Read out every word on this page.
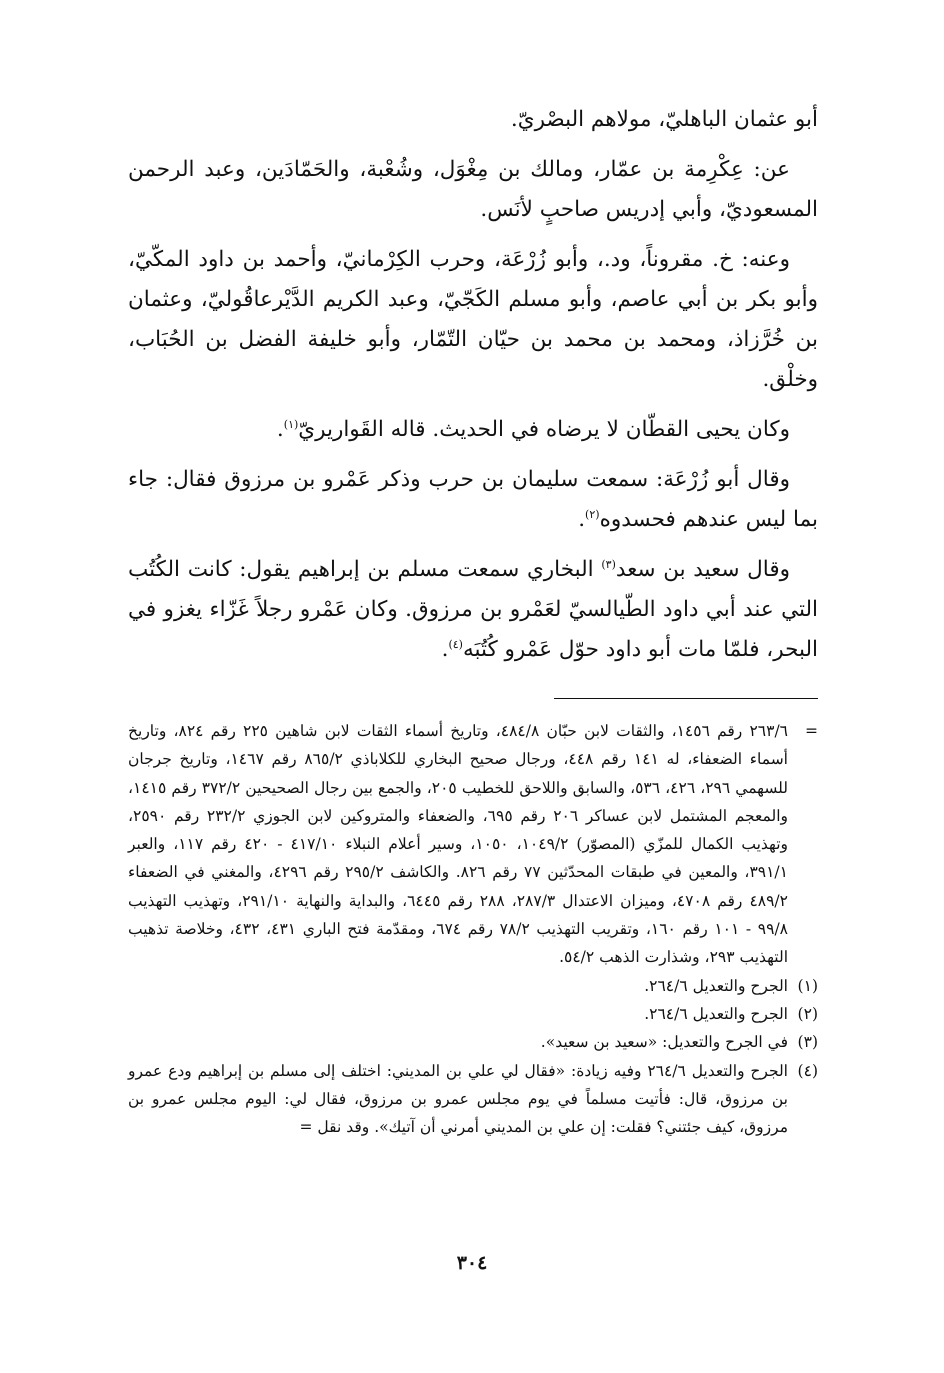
أبو عثمان الباهليّ، مولاهم البصْريّ.

عن: عِكْرِمة بن عمّار، ومالك بن مِغْوَل، وشُعْبة، والحَمّادَين، وعبد الرحمن المسعوديّ، وأبي إدريس صاحبٍ لأنَس.

وعنه: خ. مقروناً، ود.، وأبو زُرْعَة، وحرب الكِرْمانيّ، وأحمد بن داود المكّيّ، وأبو بكر بن أبي عاصم، وأبو مسلم الكَجّيّ، وعبد الكريم الدَّيْرعاقُوليّ، وعثمان بن خُرَّزاذ، ومحمد بن محمد بن حيّان التّمّار، وأبو خليفة الفضل بن الحُبَاب، وخلْق.

وكان يحيى القطّان لا يرضاه في الحديث. قاله القَواريريّ$^{(١)}$.

وقال أبو زُرْعَة: سمعت سليمان بن حرب وذكر عَمْرو بن مرزوق فقال: جاء بما ليس عندهم فحسدوه$^{(٢)}$.

وقال سعيد بن سعد$^{(٣)}$ البخاري سمعت مسلم بن إبراهيم يقول: كانت الكُتُب التي عند أبي داود الطّيالسيّ لعَمْرو بن مرزوق. وكان عَمْرو رجلاً غَزّاء يغزو في البحر، فلمّا مات أبو داود حوّل عَمْرو كُتُبَه$^{(٤)}$.

=
٢٦٣/٦ رقم ١٤٥٦، والثقات لابن حبّان ٤٨٤/٨، وتاريخ أسماء الثقات لابن شاهين ٢٢٥ رقم ٨٢٤، وتاريخ أسماء الضعفاء، له ١٤١ رقم ٤٤٨، ورجال صحيح البخاري للكلاباذي ٨٦٥/٢ رقم ١٤٦٧، وتاريخ جرجان للسهمي ٢٩٦، ٤٢٦، ٥٣٦، والسابق واللاحق للخطيب ٢٠٥، والجمع بين رجال الصحيحين ٣٧٢/٢ رقم ١٤١٥، والمعجم المشتمل لابن عساكر ٢٠٦ رقم ٦٩٥، والضعفاء والمتروكين لابن الجوزي ٢٣٢/٢ رقم ٢٥٩٠، وتهذيب الكمال للمزّي (المصوّر) ١٠٤٩/٢، ١٠٥٠، وسير أعلام النبلاء ٤١٧/١٠ - ٤٢٠ رقم ١١٧، والعبر ٣٩١/١، والمعين في طبقات المحدّثين ٧٧ رقم ٨٢٦. والكاشف ٢٩٥/٢ رقم ٤٢٩٦، والمغني في الضعفاء ٤٨٩/٢ رقم ٤٧٠٨، وميزان الاعتدال ٢٨٧/٣، ٢٨٨ رقم ٦٤٤٥، والبداية والنهاية ٢٩١/١٠، وتهذيب التهذيب ٩٩/٨ - ١٠١ رقم ١٦٠، وتقريب التهذيب ٧٨/٢ رقم ٦٧٤، ومقدّمة فتح الباري ٤٣١، ٤٣٢، وخلاصة تذهيب التهذيب ٢٩٣، وشذارت الذهب ٥٤/٢.
(١)
الجرح والتعديل ٢٦٤/٦.
(٢)
الجرح والتعديل ٢٦٤/٦.
(٣)
في الجرح والتعديل: «سعيد بن سعيد».
(٤)
الجرح والتعديل ٢٦٤/٦ وفيه زيادة: «فقال لي علي بن المديني: اختلف إلى مسلم بن إبراهيم ودع عمرو بن مرزوق، قال: فأتيت مسلماً في يوم مجلس عمرو بن مرزوق، فقال لي: اليوم مجلس عمرو بن مرزوق، كيف جئتني؟ فقلت: إن علي بن المديني أمرني أن آتيك». وقد نقل =
٣٠٤
